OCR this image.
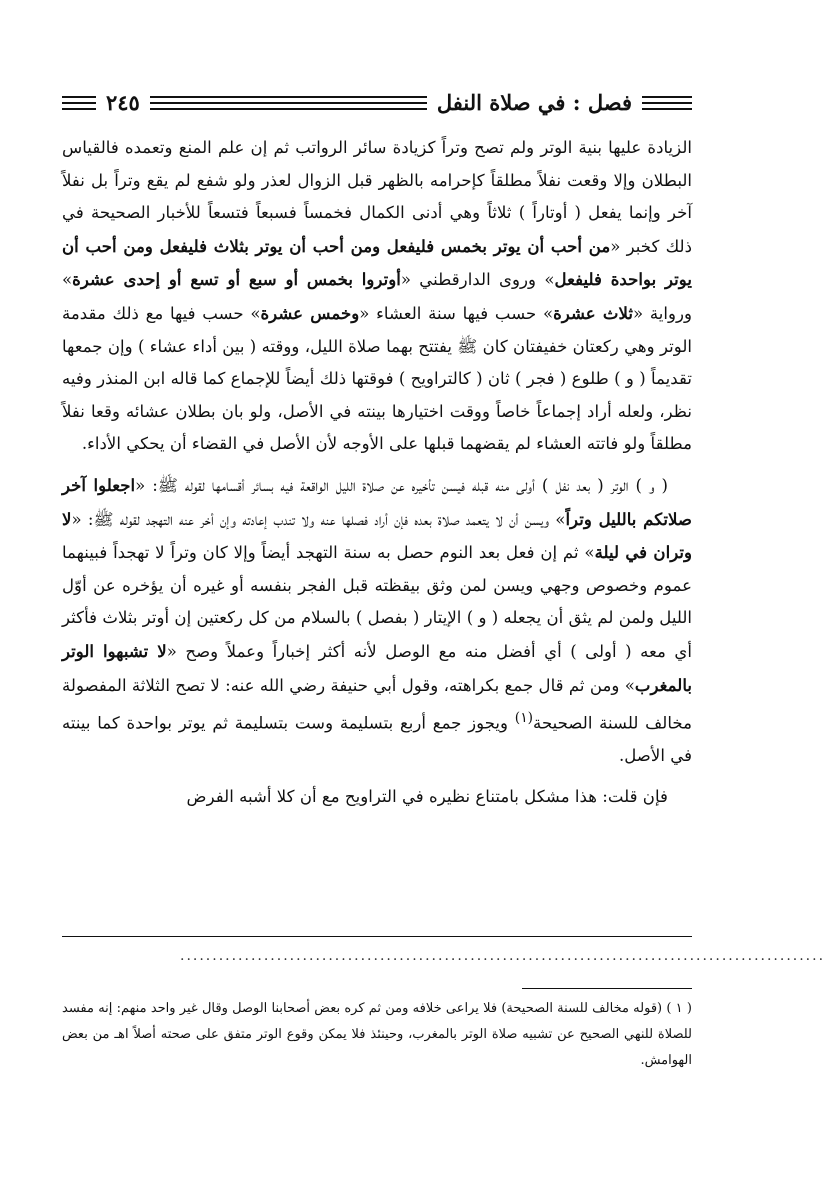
فصل : في صلاة النفل
٢٤٥

الزيادة عليها بنية الوتر ولم تصح وتراً كزيادة سائر الرواتب ثم إن علم المنع وتعمده فالقياس البطلان وإلا وقعت نفلاً مطلقاً كإحرامه بالظهر قبل الزوال لعذر ولو شفع لم يقع وتراً بل نفلاً آخر وإنما يفعل ( أوتاراً ) ثلاثاً وهي أدنى الكمال فخمساً فسبعاً فتسعاً للأخبار الصحيحة في ذلك كخبر «من أحب أن يوتر بخمس فليفعل ومن أحب أن يوتر بثلاث فليفعل ومن أحب أن يوتر بواحدة فليفعل» وروى الدارقطني «أوتروا بخمس أو سبع أو تسع أو إحدى عشرة» ورواية «ثلاث عشرة» حسب فيها سنة العشاء «وخمس عشرة» حسب فيها مع ذلك مقدمة الوتر وهي ركعتان خفيفتان كان ﷺ يفتتح بهما صلاة الليل، ووقته ( بين أداء عشاء ) وإن جمعها تقديماً ( و ) طلوع ( فجر ) ثان ( كالتراويح ) فوقتها ذلك أيضاً للإجماع كما قاله ابن المنذر وفيه نظر، ولعله أراد إجماعاً خاصاً ووقت اختيارها بينته في الأصل، ولو بان بطلان عشائه وقعا نفلاً مطلقاً ولو فاتته العشاء لم يقضهما قبلها على الأوجه لأن الأصل في القضاء أن يحكي الأداء.

( و ) الوتر ( بعد نفل ) أولى منه قبله فيسن تأخيره عن صلاة الليل الواقعة فيه بسائر أقسامها لقوله ﷺ: «اجعلوا آخر صلاتكم بالليل وتراً» ويسن أن لا يتعمد صلاة بعده فإن أراد فصلها عنه ولا تندب إعادته وإن أخر عنه التهجد لقوله ﷺ: «لا وتران في ليلة» ثم إن فعل بعد النوم حصل به سنة التهجد أيضاً وإلا كان وتراً لا تهجداً فبينهما عموم وخصوص وجهي ويسن لمن وثق بيقظته قبل الفجر بنفسه أو غيره أن يؤخره عن أوّل الليل ولمن لم يثق أن يجعله ( و ) الإيتار ( بفصل ) بالسلام من كل ركعتين إن أوتر بثلاث فأكثر أي معه ( أولى ) أي أفضل منه مع الوصل لأنه أكثر إخباراً وعملاً وصح «لا تشبهوا الوتر بالمغرب» ومن ثم قال جمع بكراهته، وقول أبي حنيفة رضي الله عنه: لا تصح الثلاثة المفصولة مخالف للسنة الصحيحة$^{(١)}$ ويجوز جمع أربع بتسليمة وست بتسليمة ثم يوتر بواحدة كما بينته في الأصل.

فإن قلت: هذا مشكل بامتناع نظيره في التراويح مع أن كلا أشبه الفرض

....................................................................................................

( ١ ) (قوله مخالف للسنة الصحيحة) فلا يراعى خلافه ومن ثم كره بعض أصحابنا الوصل وقال غير واحد منهم: إنه مفسد للصلاة للنهي الصحيح عن تشبيه صلاة الوتر بالمغرب، وحينئذ فلا يمكن وقوع الوتر متفق على صحته أصلاً اهـ من بعض الهوامش.
